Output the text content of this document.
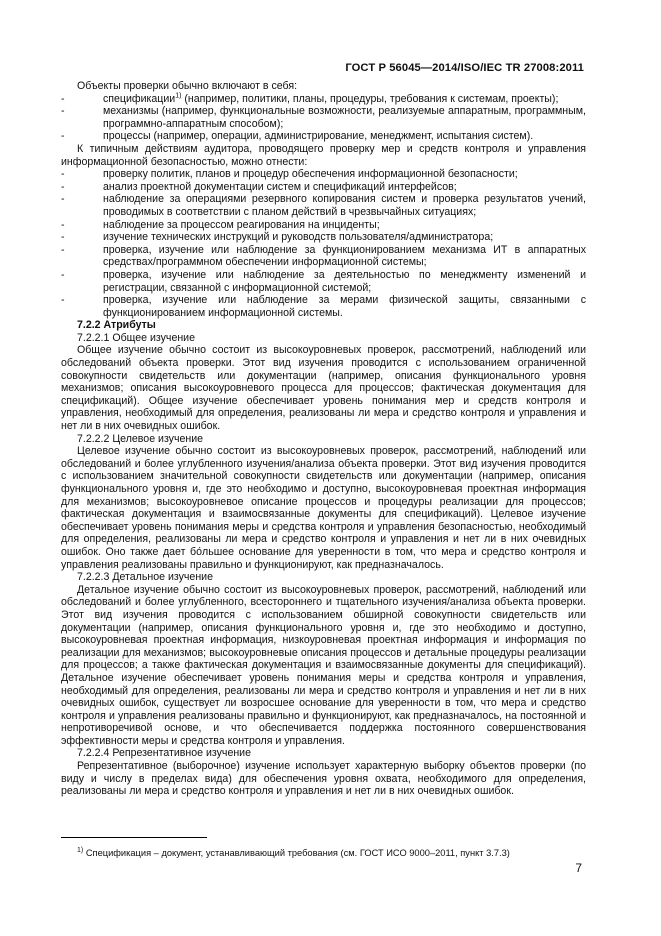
ГОСТ Р 56045—2014/ISO/IEC TR 27008:2011

Объекты проверки обычно включают в себя:

-	спецификации$^{1)}$ (например, политики, планы, процедуры, требования к системам, проекты);

-	механизмы (например, функциональные возможности, реализуемые аппаратным, программным, программно-аппаратным способом);

-	процессы (например, операции, администрирование, менеджмент, испытания систем).

К типичным действиям аудитора, проводящего проверку мер и средств контроля и управления информационной безопасностью, можно отнести:

-	проверку политик, планов и процедур обеспечения информационной безопасности;

-	анализ проектной документации систем и спецификаций интерфейсов;

-	наблюдение за операциями резервного копирования систем и проверка результатов учений, проводимых в соответствии с планом действий в чрезвычайных ситуациях;

-	наблюдение за процессом реагирования на инциденты;

-	изучение технических инструкций и руководств пользователя/администратора;

-	проверка, изучение или наблюдение за функционированием механизма ИТ в аппаратных средствах/программном обеспечении информационной системы;

-	проверка, изучение или наблюдение за деятельностью по менеджменту изменений и регистрации, связанной с информационной системой;

-	проверка, изучение или наблюдение за мерами физической защиты, связанными с функционированием информационной системы.

7.2.2 Атрибуты

7.2.2.1 Общее изучение

Общее изучение обычно состоит из высокоуровневых проверок, рассмотрений, наблюдений или обследований объекта проверки. Этот вид изучения проводится с использованием ограниченной совокупности свидетельств или документации (например, описания функционального уровня механизмов; описания высокоуровневого процесса для процессов; фактическая документация для спецификаций). Общее изучение обеспечивает уровень понимания мер и средств контроля и управления, необходимый для определения, реализованы ли мера и средство контроля и управления и нет ли в них очевидных ошибок.

7.2.2.2 Целевое изучение

Целевое изучение обычно состоит из высокоуровневых проверок, рассмотрений, наблюдений или обследований и более углубленного изучения/анализа объекта проверки. Этот вид изучения проводится с использованием значительной совокупности свидетельств или документации (например, описания функционального уровня и, где это необходимо и доступно, высокоуровневая проектная информация для механизмов; высокоуровневое описание процессов и процедуры реализации для процессов; фактическая документация и взаимосвязанные документы для спецификаций). Целевое изучение обеспечивает уровень понимания меры и средства контроля и управления безопасностью, необходимый для определения, реализованы ли мера и средство контроля и управления и нет ли в них очевидных ошибок. Оно также дает бо́льшее основание для уверенности в том, что мера и средство контроля и управления реализованы правильно и функционируют, как предназначалось.

7.2.2.3 Детальное изучение

Детальное изучение обычно состоит из высокоуровневых проверок, рассмотрений, наблюдений или обследований и более углубленного, всестороннего и тщательного изучения/анализа объекта проверки. Этот вид изучения проводится с использованием обширной совокупности свидетельств или документации (например, описания функционального уровня и, где это необходимо и доступно, высокоуровневая проектная информация, низкоуровневая проектная информация и информация по реализации для механизмов; высокоуровневые описания процессов и детальные процедуры реализации для процессов; а также фактическая документация и взаимосвязанные документы для спецификаций). Детальное изучение обеспечивает уровень понимания меры и средства контроля и управления, необходимый для определения, реализованы ли мера и средство контроля и управления и нет ли в них очевидных ошибок, существует ли возросшее основание для уверенности в том, что мера и средство контроля и управления реализованы правильно и функционируют, как предназначалось, на постоянной и непротиворечивой основе, и что обеспечивается поддержка постоянного совершенствования эффективности меры и средства контроля и управления.

7.2.2.4 Репрезентативное изучение

Репрезентативное (выборочное) изучение использует характерную выборку объектов проверки (по виду и числу в пределах вида) для обеспечения уровня охвата, необходимого для определения, реализованы ли мера и средство контроля и управления и нет ли в них очевидных ошибок.

$^{1)}$ Спецификация – документ, устанавливающий требования (см. ГОСТ ИСО 9000–2011, пункт 3.7.3)
7
